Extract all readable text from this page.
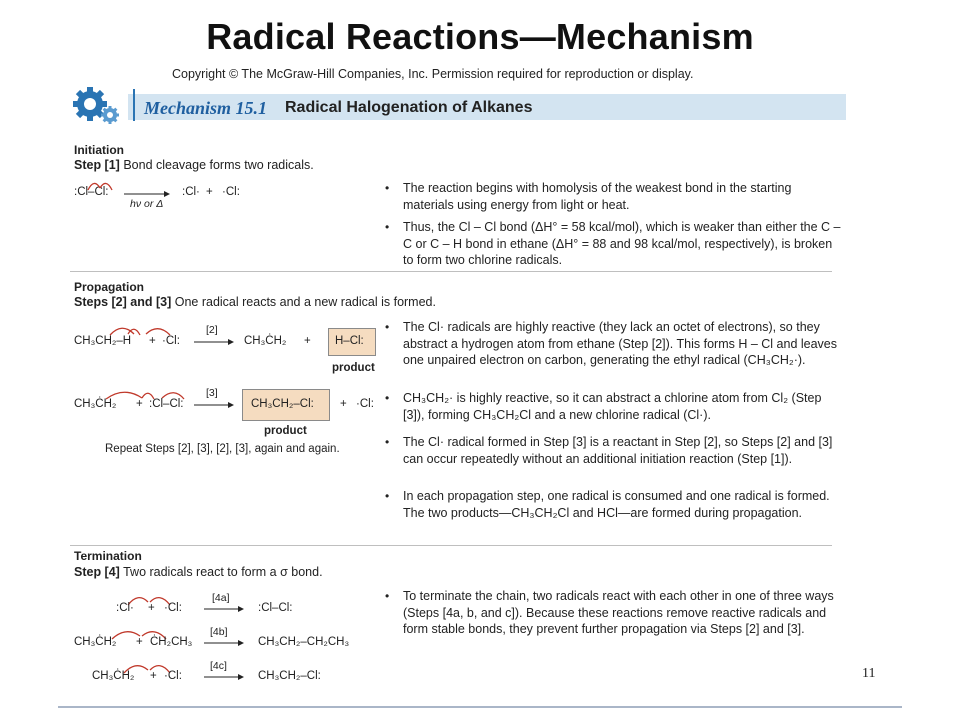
Radical Reactions—Mechanism
Copyright © The McGraw-Hill Companies, Inc. Permission required for reproduction or display.
Mechanism 15.1 Radical Halogenation of Alkanes
Initiation
Step [1] Bond cleavage forms two radicals.
:Cl–Cl: →
hν or Δ
:Cl· + ·Cl:	• The reaction begins with homolysis of the weakest bond in the starting materials using energy from light or heat.
• Thus, the Cl – Cl bond (ΔH° = 58 kcal/mol), which is weaker than either the C – C or C – H bond in ethane (ΔH° = 88 and 98 kcal/mol, respectively), is broken to form two chlorine radicals.
Propagation
Steps [2] and [3] One radical reacts and a new radical is formed.
CH₃CH₂–H + ·Cl: →
[2]
CH₃ĊH₂ + H–Cl:
product
CH₃ĊH₂ + :Cl–Cl: →
[3]
CH₃CH₂–Cl: + ·Cl:
product
Repeat Steps [2], [3], [2], [3], again and again.
• The Cl· radicals are highly reactive (they lack an octet of electrons), so they abstract a hydrogen atom from ethane (Step [2]). This forms H – Cl and leaves one unpaired electron on carbon, generating the ethyl radical (CH₃CH₂·).
• CH₃CH₂· is highly reactive, so it can abstract a chlorine atom from Cl₂ (Step [3]), forming CH₃CH₂Cl and a new chlorine radical (Cl·).
• The Cl· radical formed in Step [3] is a reactant in Step [2], so Steps [2] and [3] can occur repeatedly without an additional initiation reaction (Step [1]).
• In each propagation step, one radical is consumed and one radical is formed. The two products—CH₃CH₂Cl and HCl—are formed during propagation.
Termination
Step [4] Two radicals react to form a σ bond.
:Cl· + ·Cl: →
[4a]
:Cl–Cl:
CH₃ĊH₂ + ĊH₂CH₃ →
[4b]
CH₃CH₂–CH₂CH₃
CH₃ĊH₂ + ·Cl: →
[4c]
CH₃CH₂–Cl:
• To terminate the chain, two radicals react with each other in one of three ways (Steps [4a, b, and c]). Because these reactions remove reactive radicals and form stable bonds, they prevent further propagation via Steps [2] and [3].
11
